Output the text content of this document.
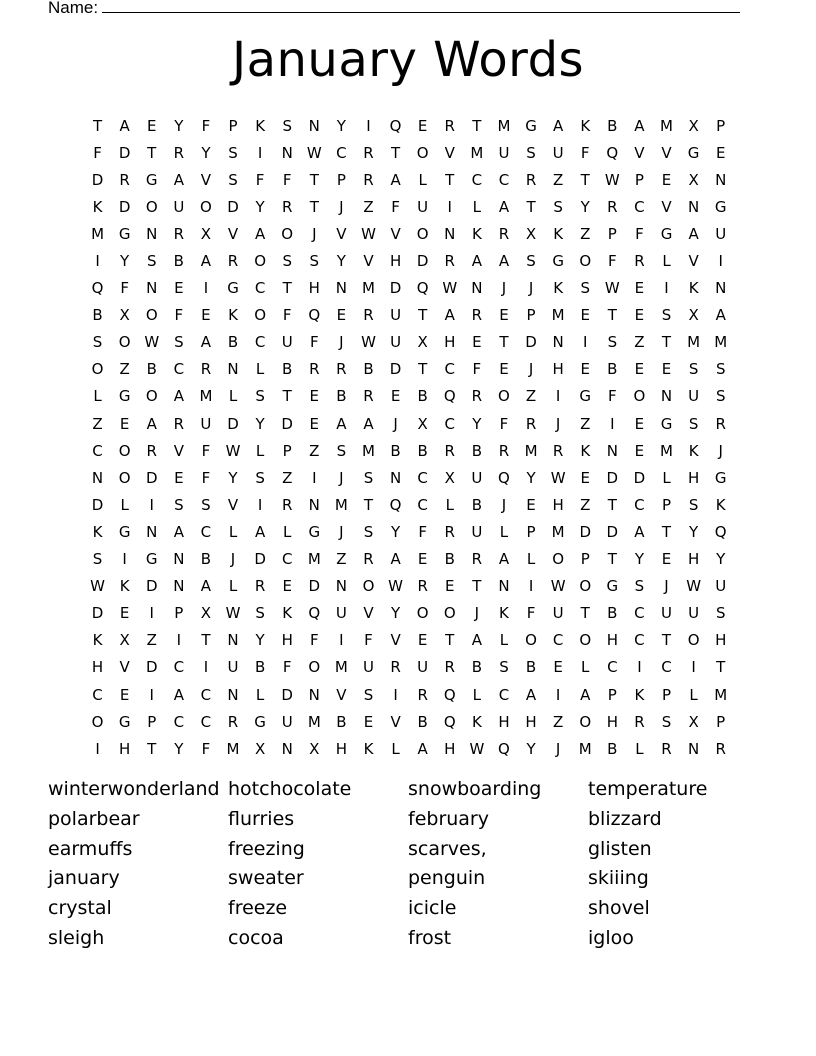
Name:
January Words
T	A	E	Y	F	P	K	S	N	Y	I	Q	E	R	T	M G	A	K	B	A	M	X	P
F	D	T	R	Y	S	I	N W C	R	T	O	V	M	U	S	U	F	Q	V	V	G	E
D	R	G	A	V	S	F	F	T	P	R	A	L	T	C	C	R	Z	T	W	P	E	X	N
K	D	O	U	O	D	Y	R	T	J	Z	F	U	I	L	A	T	S	Y	R	C	V	N	G
M G	N	R	X	V	A	O	J	V W V	O	N	K	R	X	K	Z	P	F	G	A	U
I	Y	S	B	A	R	O	S	S	Y	V	H	D	R	A	A	S	G	O	F	R	L	V	I
Q	F	N	E	I	G	C	T	H	N	M D	Q W N	J	J	K	S W E	I	K	N
B	X	O	F	E	K	O	F	Q	E	R	U	T	A	R	E	P	M	E	T	E	S	X	A
S	O W S	A	B	C	U	F	J	W U	X	H	E	T	D	N	I	S	Z	T	M M
O	Z	B	C	R	N	L	B	R	R	B	D	T	C	F	E	J	H	E	B	E	E	S	S
L	G	O	A	M	L	S	T	E	B	R	E	B	Q	R	O	Z	I	G	F	O	N	U	S
Z	E	A	R	U	D	Y	D	E	A	A	J	X	C	Y	F	R	J	Z	I	E	G	S	R
C	O	R	V	F	W	L	P	Z	S	M	B	B	R	B	R	M	R	K	N	E	M	K	J
N	O	D	E	F	Y	S	Z	I	J	S	N	C	X	U	Q	Y	W E	D	D	L	H	G
D	L	I	S	S	V	I	R	N	M	T	Q	C	L	B	J	E	H	Z	T	C	P	S	K
K	G	N	A	C	L	A	L	G	J	S	Y	F	R	U	L	P	M D	D	A	T	Y	Q
S	I	G	N	B	J	D	C	M	Z	R	A	E	B	R	A	L	O	P	T	Y	E	H	Y
W K	D	N	A	L	R	E	D	N	O W R	E	T	N	I	W O	G	S	J	W U
D	E	I	P	X W S	K	Q	U	V	Y	O	O	J	K	F	U	T	B	C	U	U	S
K	X	Z	I	T	N	Y	H	F	I	F	V	E	T	A	L	O	C	O	H	C	T	O	H
H	V	D	C	I	U	B	F	O M	U	R	U	R	B	S	B	E	L	C	I	C	I	T
C	E	I	A	C	N	L	D	N	V	S	I	R	Q	L	C	A	I	A	P	K	P	L	M
O	G	P	C	C	R	G	U	M	B	E	V	B	Q	K	H	H	Z	O	H	R	S	X	P
I	H	T	Y	F	M	X	N	X	H	K	L	A	H W Q	Y	J	M	B	L	R	N	R
winterwonderland hotchocolate	snowboarding	temperature
polarbear	flurries	february	blizzard
earmuffs	freezing	scarves,	glisten
january	sweater	penguin	skiiing
crystal	freeze	icicle	shovel
sleigh	cocoa	frost	igloo
